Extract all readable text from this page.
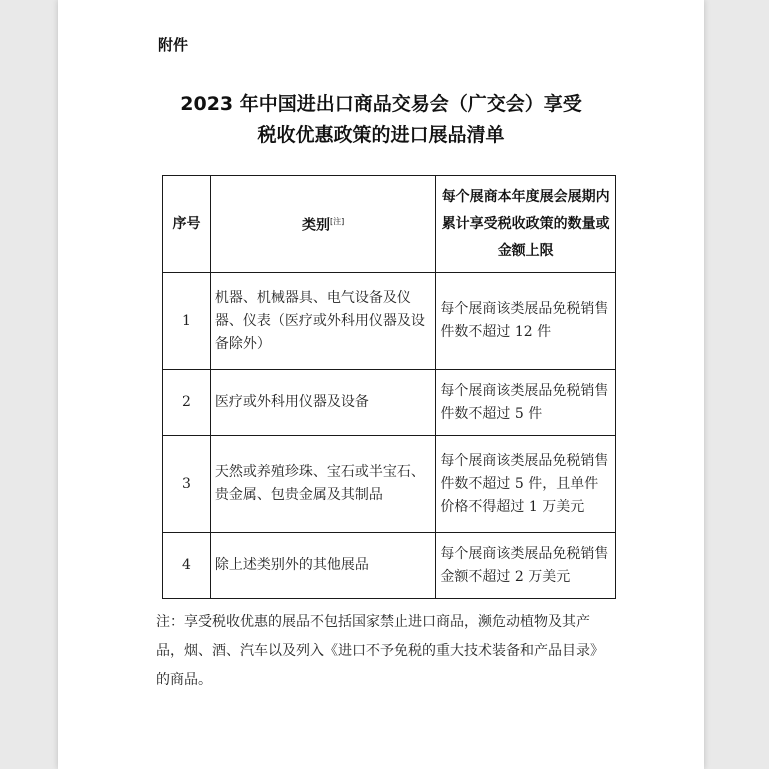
附件
2023 年中国进出口商品交易会（广交会）享受
税收优惠政策的进口展品清单
序号	类别[注]	每个展商本年度展会展期内累计享受税收政策的数量或金额上限
1	机器、机械器具、电气设备及仪器、仪表（医疗或外科用仪器及设备除外）	每个展商该类展品免税销售件数不超过 12 件
2	医疗或外科用仪器及设备	每个展商该类展品免税销售件数不超过 5 件
3	天然或养殖珍珠、宝石或半宝石、贵金属、包贵金属及其制品	每个展商该类展品免税销售件数不超过 5 件，且单件价格不得超过 1 万美元
4	除上述类别外的其他展品	每个展商该类展品免税销售金额不超过 2 万美元
注：享受税收优惠的展品不包括国家禁止进口商品，濒危动植物及其产品，烟、酒、汽车以及列入《进口不予免税的重大技术装备和产品目录》的商品。
